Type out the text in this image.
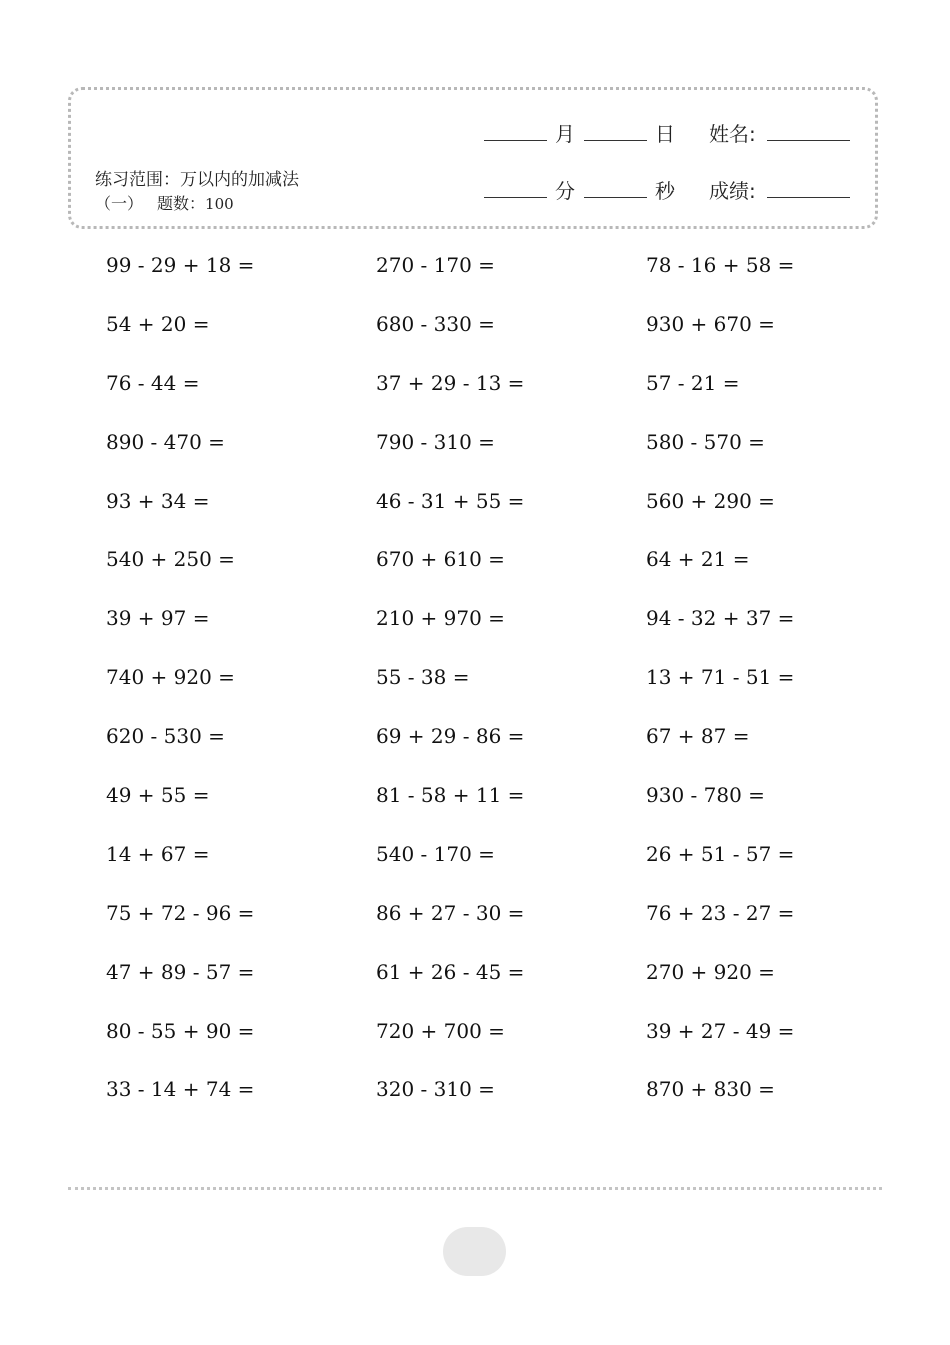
练习范围：万以内的加减法
（一） 题数：100
月	日 姓名:
分	秒 成绩:
99 - 29 + 18 =	270 - 170 =	78 - 16 + 58 =
54 + 20 =	680 - 330 =	930 + 670 =
76 - 44 =	37 + 29 - 13 =	57 - 21 =
890 - 470 =	790 - 310 =	580 - 570 =
93 + 34 =	46 - 31 + 55 =	560 + 290 =
540 + 250 =	670 + 610 =	64 + 21 =
39 + 97 =	210 + 970 =	94 - 32 + 37 =
740 + 920 =	55 - 38 =	13 + 71 - 51 =
620 - 530 =	69 + 29 - 86 =	67 + 87 =
49 + 55 =	81 - 58 + 11 =	930 - 780 =
14 + 67 =	540 - 170 =	26 + 51 - 57 =
75 + 72 - 96 =	86 + 27 - 30 =	76 + 23 - 27 =
47 + 89 - 57 =	61 + 26 - 45 =	270 + 920 =
80 - 55 + 90 =	720 + 700 =	39 + 27 - 49 =
33 - 14 + 74 =	320 - 310 =	870 + 830 =
